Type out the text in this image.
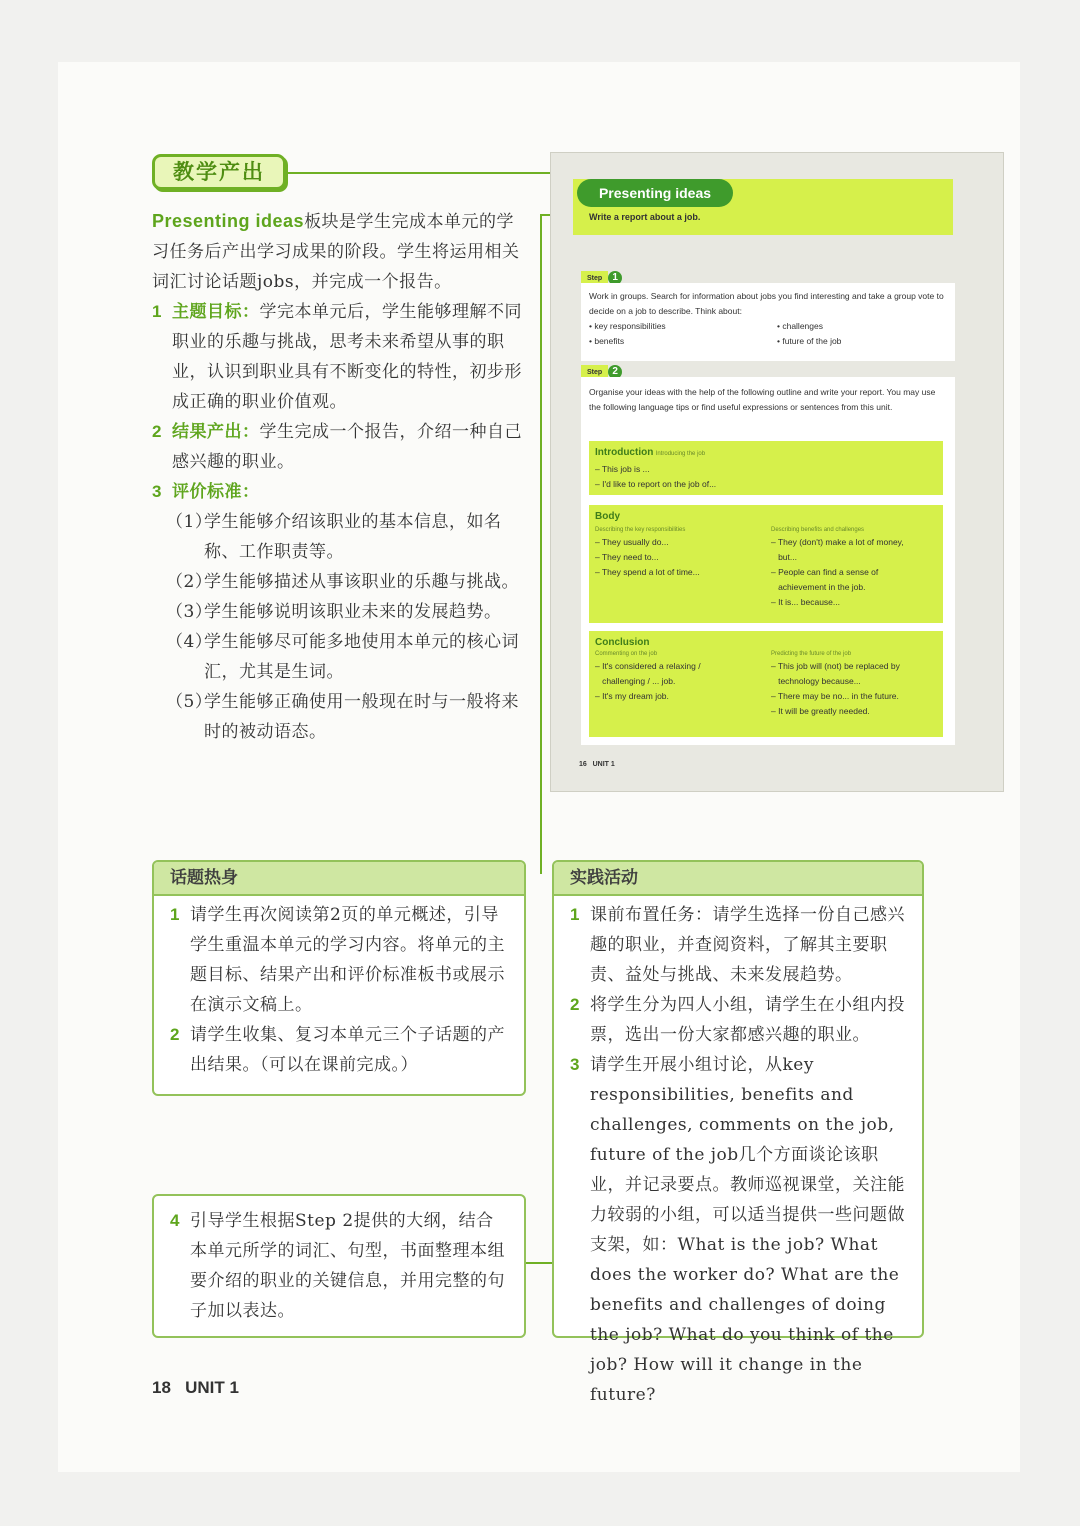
教学产出

Presenting ideas板块是学生完成本单元的学习任务后产出学习成果的阶段。学生将运用相关词汇讨论话题jobs，并完成一个报告。

1 主题目标：学完本单元后，学生能够理解不同职业的乐趣与挑战，思考未来希望从事的职业，认识到职业具有不断变化的特性，初步形成正确的职业价值观。
2 结果产出：学生完成一个报告，介绍一种自己感兴趣的职业。
3 评价标准：
（1）
学生能够介绍该职业的基本信息，如名称、工作职责等。
（2）
学生能够描述从事该职业的乐趣与挑战。
（3）
学生能够说明该职业未来的发展趋势。
（4）
学生能够尽可能多地使用本单元的核心词汇，尤其是生词。
（5）
学生能够正确使用一般现在时与一般将来时的被动语态。
Presenting ideas
Write a report about a job.
Step 1
Work in groups. Search for information about jobs you find interesting and take a group vote to decide on a job to describe. Think about:
• key responsibilities
• benefits
• challenges
• future of the job
Step 2
Organise your ideas with the help of the following outline and write your report. You may use the following language tips or find useful expressions or sentences from this unit.
Introduction Introducing the job
– This job is ...
– I'd like to report on the job of...
Body
Describing the key responsibilities
– They usually do...
– They need to...
– They spend a lot of time...
Describing benefits and challenges
– They (don't) make a lot of money,
but...
– People can find a sense of
achievement in the job.
– It is... because...
Conclusion
Commenting on the job
– It's considered a relaxing /
challenging / ... job.
– It's my dream job.
Predicting the future of the job
– This job will (not) be replaced by
technology because...
– There may be no... in the future.
– It will be greatly needed.
16   UNIT 1
话题热身
1 请学生再次阅读第2页的单元概述，引导学生重温本单元的学习内容。将单元的主题目标、结果产出和评价标准板书或展示在演示文稿上。
2 请学生收集、复习本单元三个子话题的产出结果。（可以在课前完成。）
4 引导学生根据Step 2提供的大纲，结合本单元所学的词汇、句型，书面整理本组要介绍的职业的关键信息，并用完整的句子加以表达。
实践活动
1 课前布置任务：请学生选择一份自己感兴趣的职业，并查阅资料，了解其主要职责、益处与挑战、未来发展趋势。
2 将学生分为四人小组，请学生在小组内投票，选出一份大家都感兴趣的职业。
3 请学生开展小组讨论，从key responsibilities, benefits and challenges, comments on the job, future of the job几个方面谈论该职业，并记录要点。教师巡视课堂，关注能力较弱的小组，可以适当提供一些问题做支架，如：What is the job? What does the worker do? What are the benefits and challenges of doing the job? What do you think of the job? How will it change in the future?
18 UNIT 1
